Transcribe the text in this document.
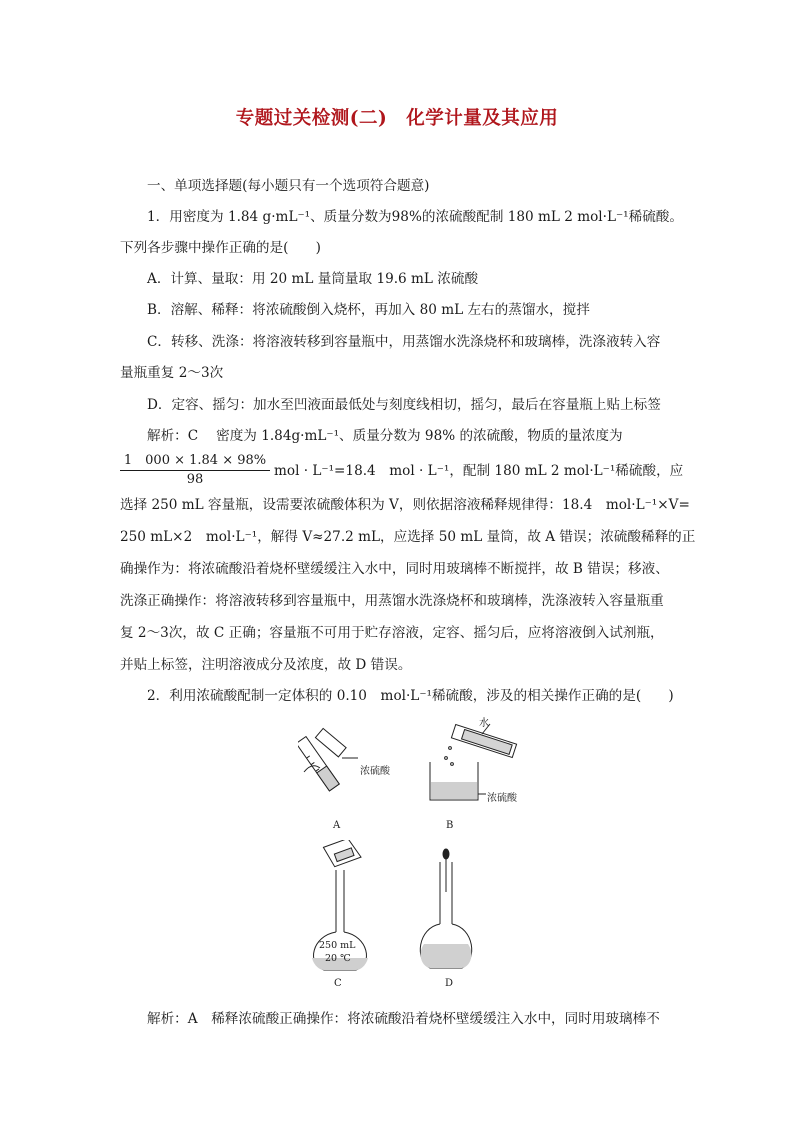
专题过关检测(二)　化学计量及其应用
一、单项选择题(每小题只有一个选项符合题意)
1．用密度为 1.84 g·mL⁻¹、质量分数为98%的浓硫酸配制 180 mL 2 mol·L⁻¹稀硫酸。
下列各步骤中操作正确的是(　　)
A．计算、量取：用 20 mL 量筒量取 19.6 mL 浓硫酸
B．溶解、稀释：将浓硫酸倒入烧杯，再加入 80 mL 左右的蒸馏水，搅拌
C．转移、洗涤：将溶液转移到容量瓶中，用蒸馏水洗涤烧杯和玻璃棒，洗涤液转入容
量瓶重复 2～3次
D．定容、摇匀：加水至凹液面最低处与刻度线相切，摇匀，最后在容量瓶上贴上标签
解析：C　 密度为 1.84g·mL⁻¹、质量分数为 98% 的浓硫酸，物质的量浓度为
1　000 × 1.84 × 98%
98
mol · L⁻¹=18.4　mol · L⁻¹，配制 180 mL 2 mol·L⁻¹稀硫酸，应
选择 250 mL 容量瓶，设需要浓硫酸体积为 V，则依据溶液稀释规律得：18.4　mol·L⁻¹×V=
250 mL×2　mol·L⁻¹，解得 V≈27.2 mL，应选择 50 mL 量筒，故 A 错误；浓硫酸稀释的正
确操作为：将浓硫酸沿着烧杯壁缓缓注入水中，同时用玻璃棒不断搅拌，故 B 错误；移液、
洗涤正确操作：将溶液转移到容量瓶中，用蒸馏水洗涤烧杯和玻璃棒，洗涤液转入容量瓶重
复 2～3次，故 C 正确；容量瓶不可用于贮存溶液，定容、摇匀后，应将溶液倒入试剂瓶，
并贴上标签，注明溶液成分及浓度，故 D 错误。
2．利用浓硫酸配制一定体积的 0.10　mol·L⁻¹稀硫酸，涉及的相关操作正确的是(　　)
浓硫酸
A
水
浓硫酸
B
250 mL
20 ℃
C	D
解析：A　稀释浓硫酸正确操作：将浓硫酸沿着烧杯壁缓缓注入水中，同时用玻璃棒不
